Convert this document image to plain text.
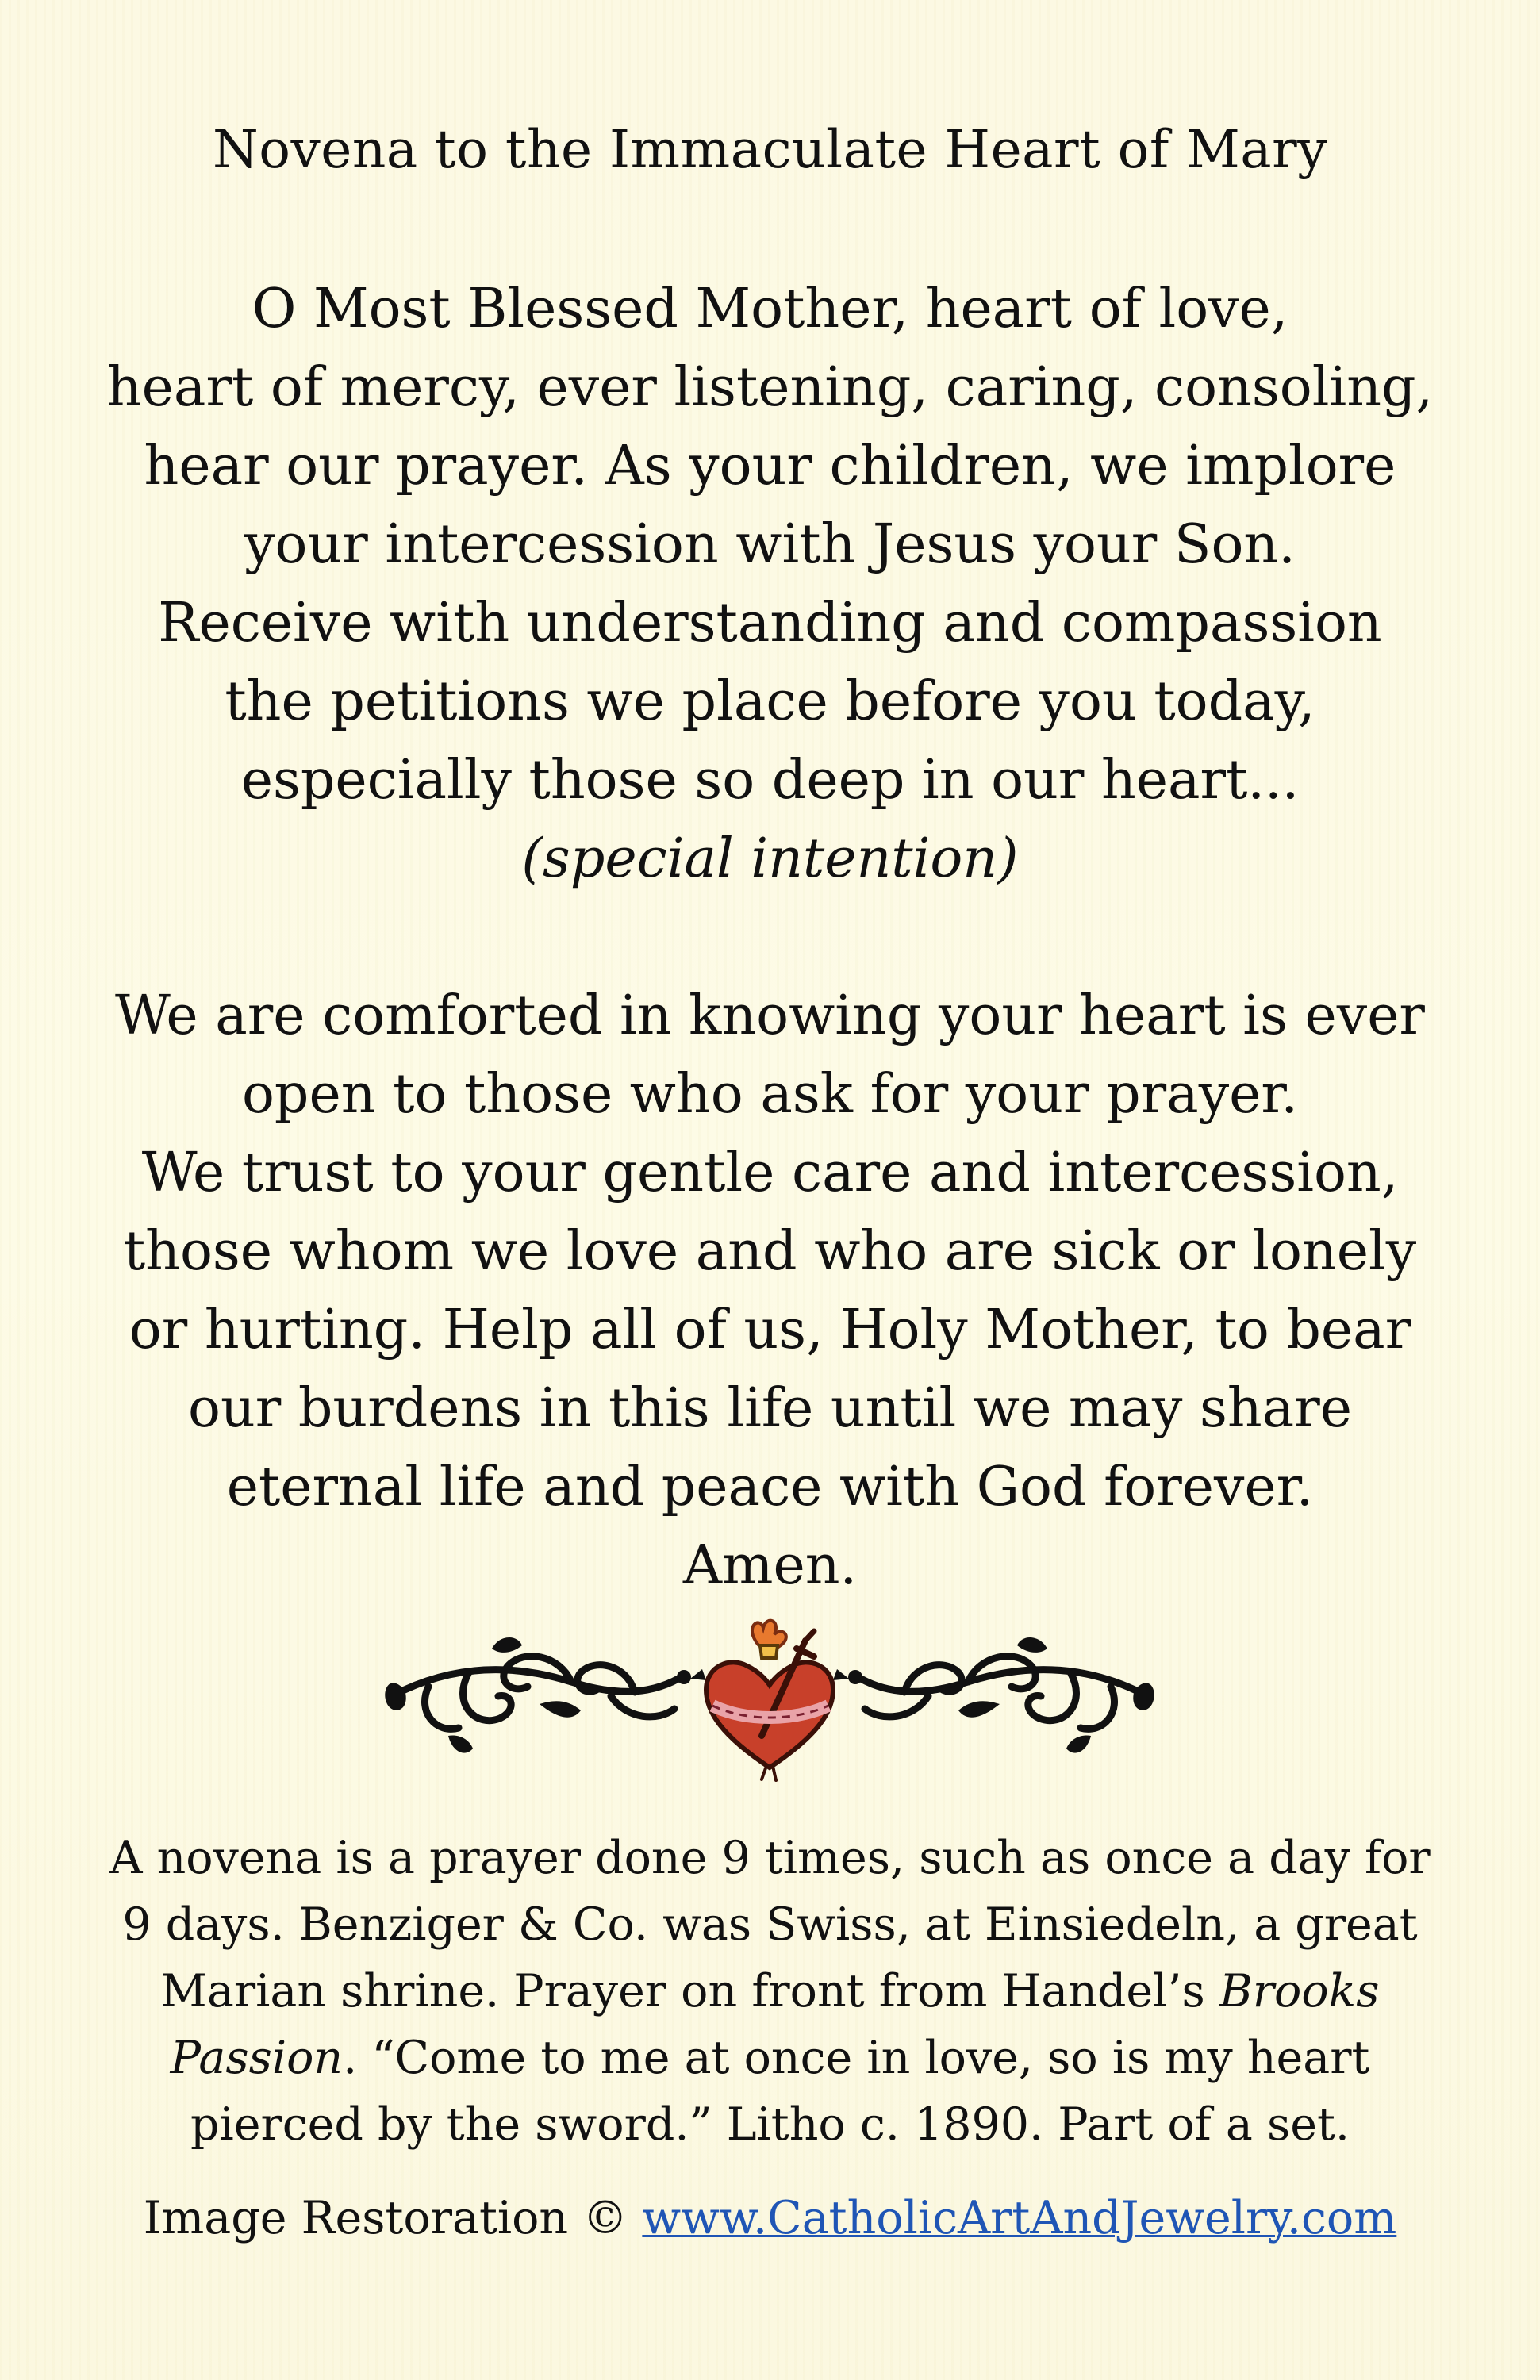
Novena to the Immaculate Heart of Mary
O Most Blessed Mother, heart of love,
heart of mercy, ever listening, caring, consoling,
hear our prayer. As your children, we implore
your intercession with Jesus your Son.
Receive with understanding and compassion
the petitions we place before you today,
especially those so deep in our heart...
(special intention)
We are comforted in knowing your heart is ever
open to those who ask for your prayer.
We trust to your gentle care and intercession,
those whom we love and who are sick or lonely
or hurting. Help all of us, Holy Mother, to bear
our burdens in this life until we may share
eternal life and peace with God forever.
Amen.
A novena is a prayer done 9 times, such as once a day for
9 days. Benziger & Co. was Swiss, at Einsiedeln, a great
Marian shrine. Prayer on front from Handel’s Brooks
Passion. “Come to me at once in love, so is my heart
pierced by the sword.” Litho c. 1890. Part of a set.
Image Restoration © www.CatholicArtAndJewelry.com
